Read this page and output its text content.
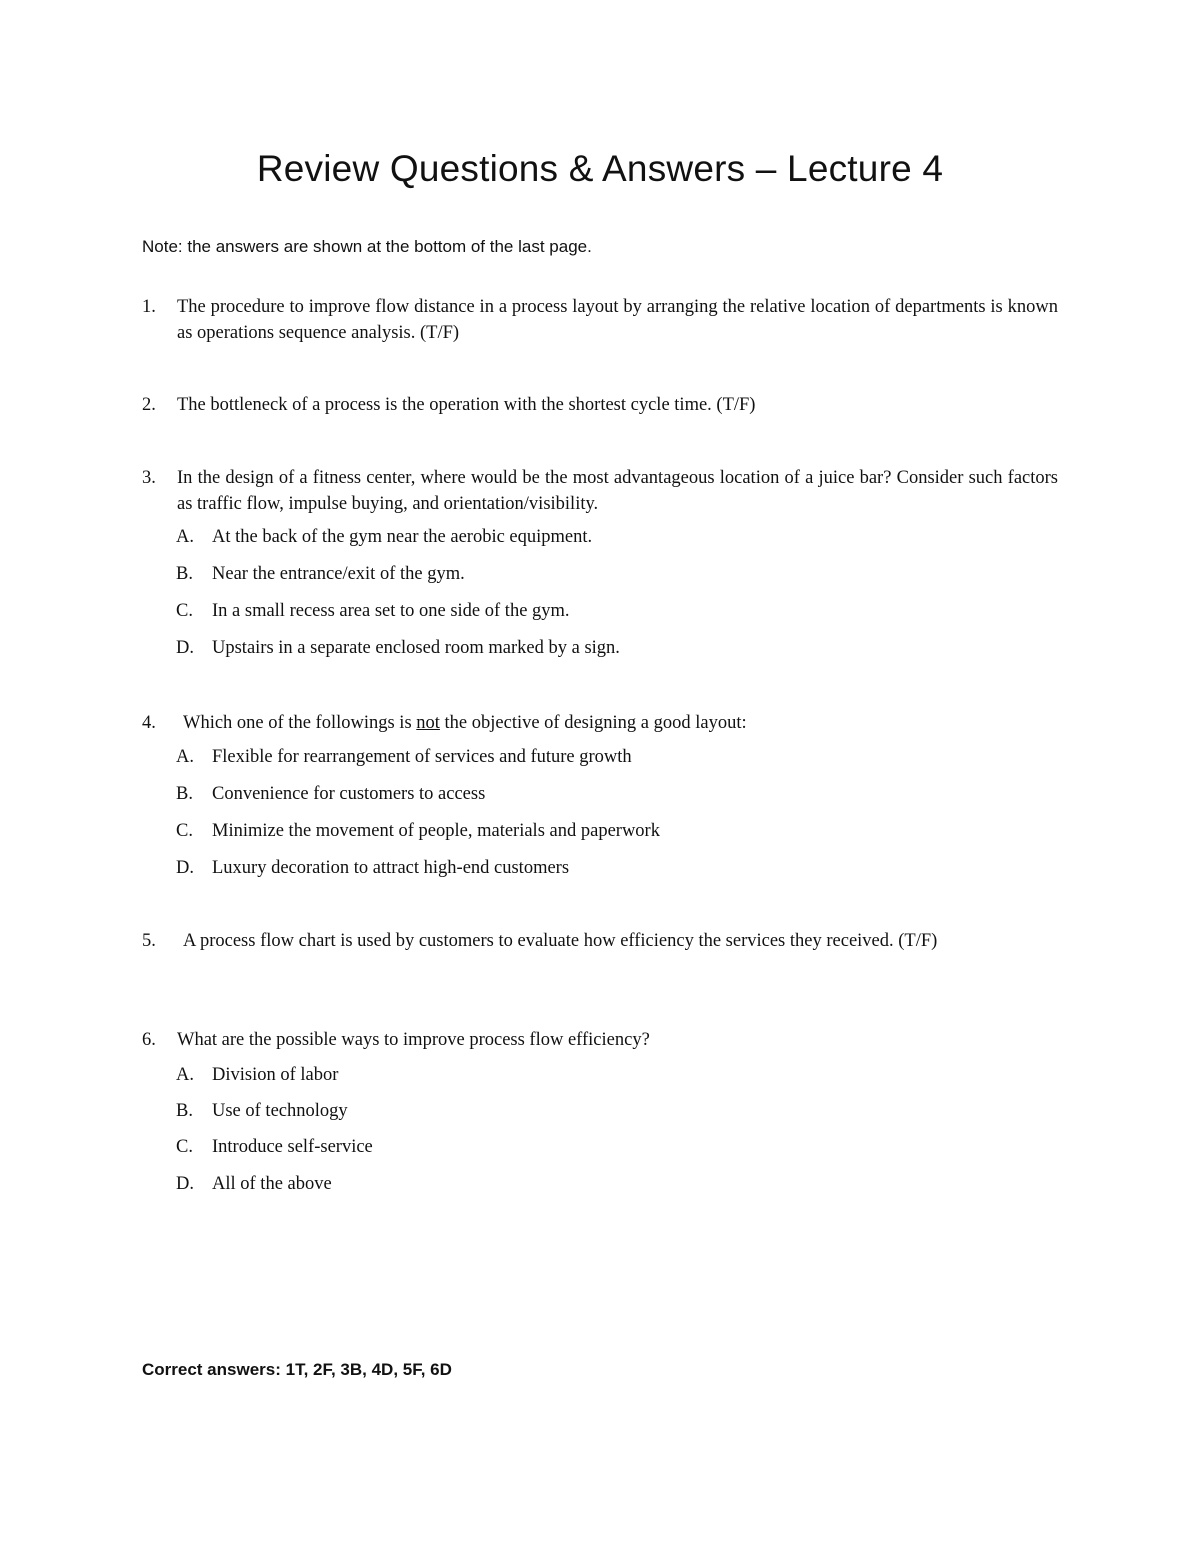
Review Questions & Answers – Lecture 4
Note: the answers are shown at the bottom of the last page.
1. The procedure to improve flow distance in a process layout by arranging the relative location of departments is known as operations sequence analysis. (T/F)
2. The bottleneck of a process is the operation with the shortest cycle time. (T/F)
3. In the design of a fitness center, where would be the most advantageous location of a juice bar? Consider such factors as traffic flow, impulse buying, and orientation/visibility.
A. At the back of the gym near the aerobic equipment.
B. Near the entrance/exit of the gym.
C. In a small recess area set to one side of the gym.
D. Upstairs in a separate enclosed room marked by a sign.
4. Which one of the followings is not the objective of designing a good layout:
A. Flexible for rearrangement of services and future growth
B. Convenience for customers to access
C. Minimize the movement of people, materials and paperwork
D. Luxury decoration to attract high-end customers
5. A process flow chart is used by customers to evaluate how efficiency the services they received. (T/F)
6. What are the possible ways to improve process flow efficiency?
A. Division of labor
B. Use of technology
C. Introduce self-service
D. All of the above
Correct answers: 1T, 2F, 3B, 4D, 5F, 6D
